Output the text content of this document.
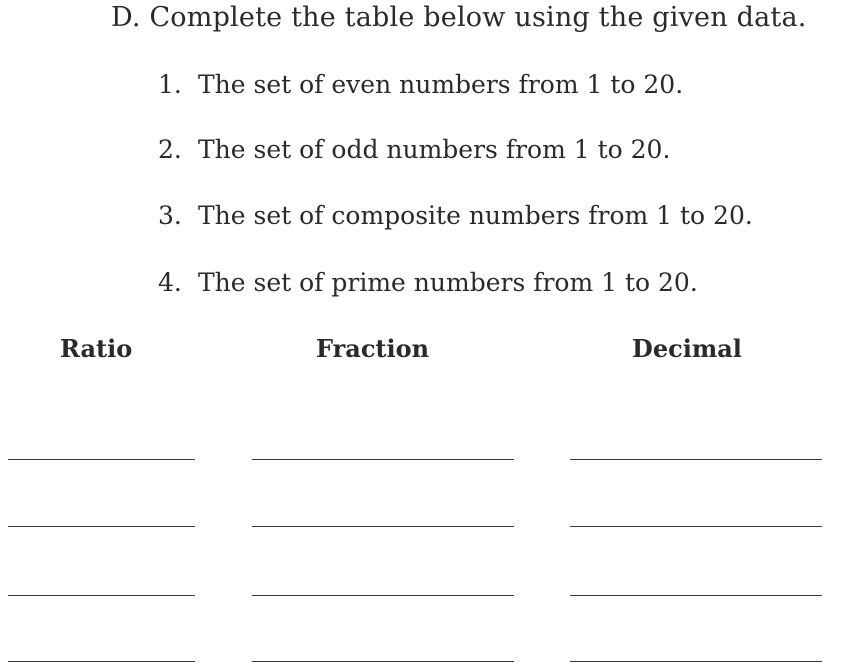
D. Complete the table below using the given data.
1. The set of even numbers from 1 to 20.
2. The set of odd numbers from 1 to 20.
3. The set of composite numbers from 1 to 20.
4. The set of prime numbers from 1 to 20.
Ratio	Fraction	Decimal
